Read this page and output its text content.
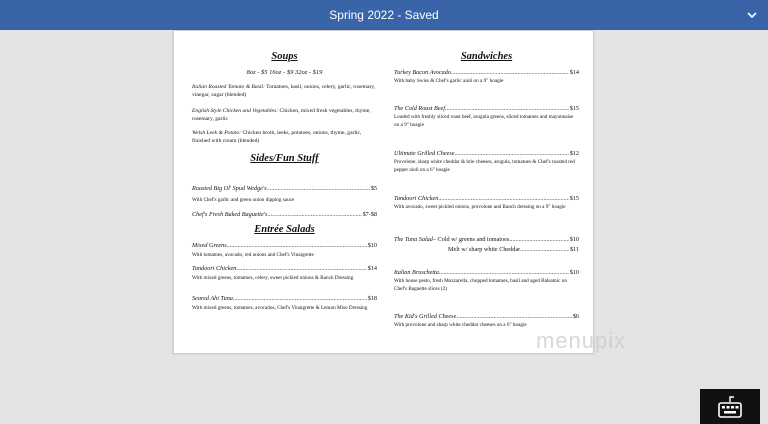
Spring 2022 - Saved
Soups
8oz - $5 16oz - $9 32oz - $19
Italian Roasted Tomato & Basil: Tomatoes, basil, onions, celery, garlic, rosemary, vinegar, sugar (blended)
English Style Chicken and Vegetables: Chicken, mixed fresh vegetables, thyme, rosemary, garlic
Welsh Leek & Potato: Chicken broth, leeks, potatoes, onions, thyme, garlic, finished with cream (blended)
Sides/Fun Stuff
Roasted Big Ol' Spud Wedge's .....	$5
With Chef's garlic and green onion dipping sauce
Chef's Fresh Baked Baguette's .....	$7-$8
Entrée Salads
Mixed Greens .....	$10
With tomatoes, avocado, red onions and Chef's Vinaigrette
Tandoori Chicken .....	$14
With mixed greens, tomatoes, celery, sweet pickled onions & Ranch Dressing
Seared Ahi Tuna .....	$18
With mixed greens, tomatoes, avocados, Chef's Vinaigrette & Lemon Miso Dressing
Sandwiches
Turkey Bacon Avocado .....	$14
With baby Swiss & Chef's garlic aioli on a 9" hoagie
The Cold Roast Beef .....	$15
Loaded with freshly sliced roast beef, arugula greens, sliced tomatoes and mayonnaise on a 9" hoagie
Ultimate Grilled Cheese .....	$12
Provolone, sharp white cheddar & brie cheeses, arugula, tomatoes & Chef's roasted red pepper aioli on a 6" hoagie
Tandoori Chicken .....	$15
With avocado, sweet pickled onions, provolone and Ranch dressing on a 9" hoagie
The Tuna Salad – Cold w/ greens and tomatoes .....	$10
Melt w/ sharp white Cheddar .....	$11
Italian Bruschetta .....	$10
With house pesto, fresh Mozzarella, chopped tomatoes, basil and aged Balsamic on Chef's Baguette slices (2)
The Kid's Grilled Cheese .....	$6
With provolone and sharp white cheddar cheeses on a 6" hoagie
menupix
